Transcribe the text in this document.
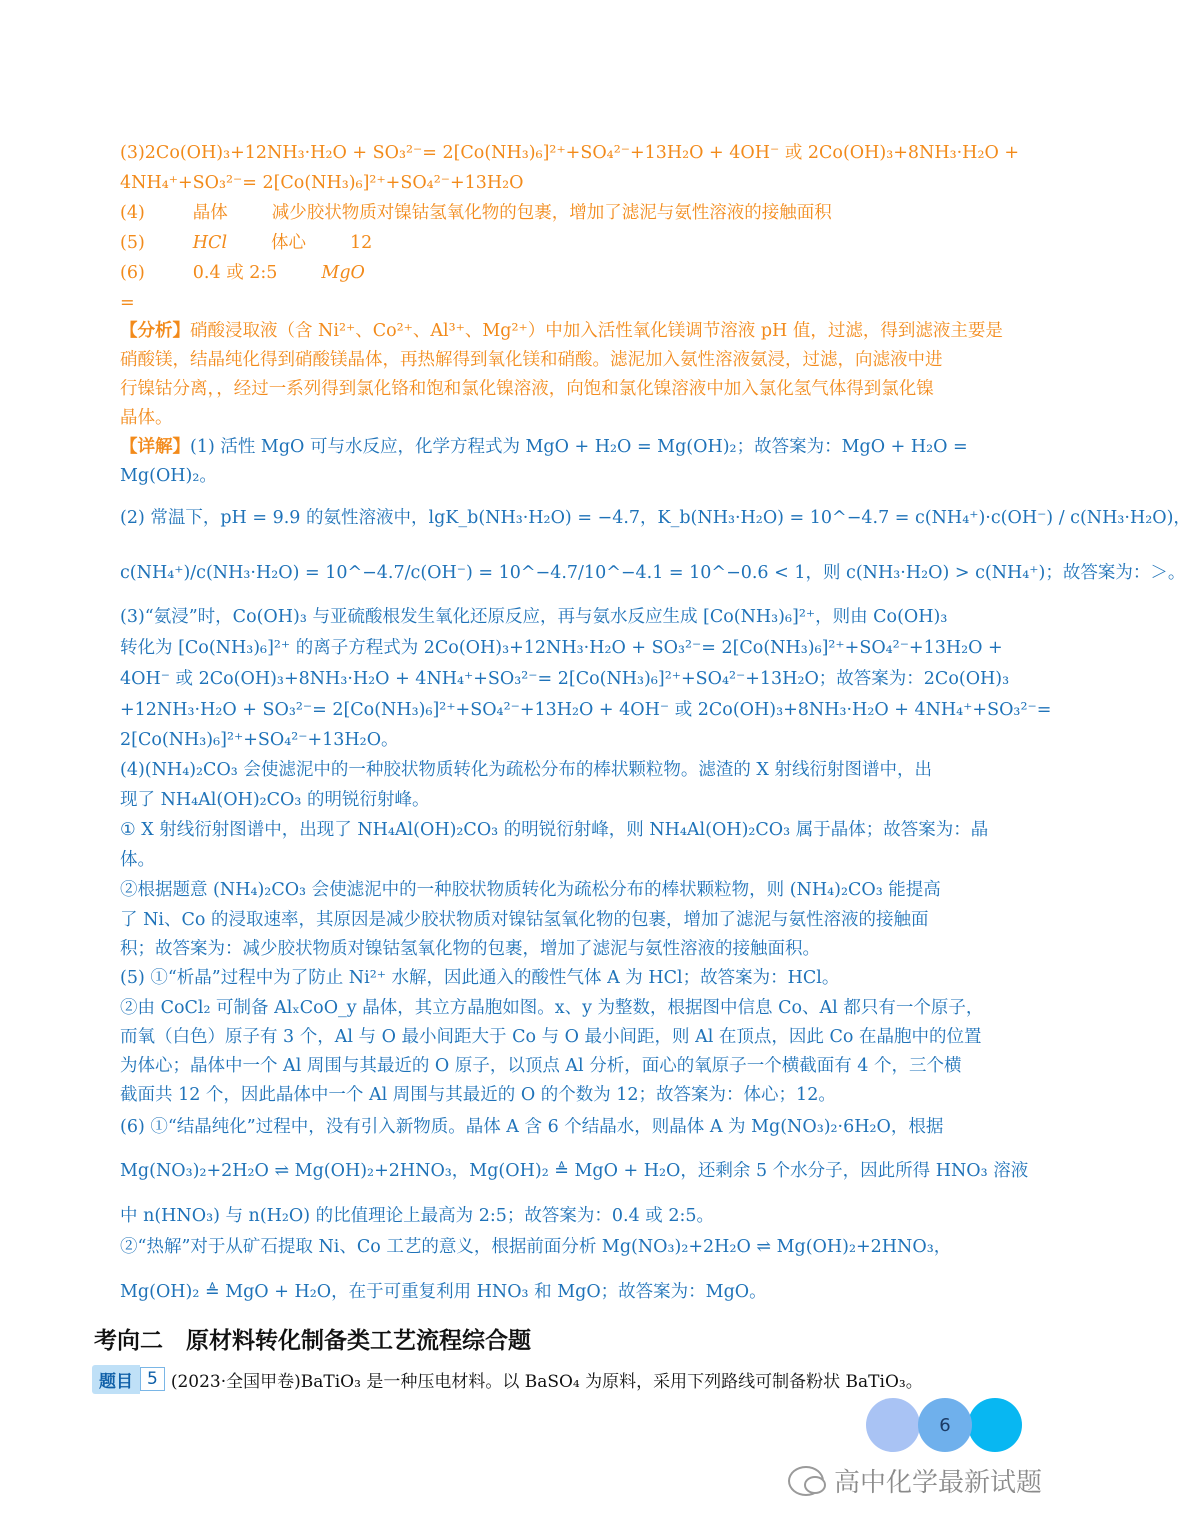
(3)2Co(OH)₃+12NH₃·H₂O + SO₃²⁻= 2[Co(NH₃)₆]²⁺+SO₄²⁻+13H₂O + 4OH⁻ 或 2Co(OH)₃+8NH₃·H₂O +
4NH₄⁺+SO₃²⁻= 2[Co(NH₃)₆]²⁺+SO₄²⁻+13H₂O
(4)	晶体	减少胶状物质对镍钴氢氧化物的包裹，增加了滤泥与氨性溶液的接触面积
(5)	HCl	体心	12
(6)	0.4 或 2:5	MgO
=
【分析】硝酸浸取液（含 Ni²⁺、Co²⁺、Al³⁺、Mg²⁺）中加入活性氧化镁调节溶液 pH 值，过滤，得到滤液主要是
硝酸镁，结晶纯化得到硝酸镁晶体，再热解得到氧化镁和硝酸。滤泥加入氨性溶液氨浸，过滤，向滤液中进
行镍钴分离，，经过一系列得到氯化铬和饱和氯化镍溶液，向饱和氯化镍溶液中加入氯化氢气体得到氯化镍
晶体。
【详解】(1) 活性 MgO 可与水反应，化学方程式为 MgO + H₂O = Mg(OH)₂；故答案为：MgO + H₂O =
Mg(OH)₂。
(2) 常温下，pH = 9.9 的氨性溶液中，lgK_b(NH₃·H₂O) = −4.7，K_b(NH₃·H₂O) = 10^−4.7 = c(NH₄⁺)·c(OH⁻) / c(NH₃·H₂O)，
c(NH₄⁺)/c(NH₃·H₂O) = 10^−4.7/c(OH⁻) = 10^−4.7/10^−4.1 = 10^−0.6 < 1，则 c(NH₃·H₂O) > c(NH₄⁺)；故答案为：＞。
(3)“氨浸”时，Co(OH)₃ 与亚硫酸根发生氧化还原反应，再与氨水反应生成 [Co(NH₃)₆]²⁺，则由 Co(OH)₃
转化为 [Co(NH₃)₆]²⁺ 的离子方程式为 2Co(OH)₃+12NH₃·H₂O + SO₃²⁻= 2[Co(NH₃)₆]²⁺+SO₄²⁻+13H₂O +
4OH⁻ 或 2Co(OH)₃+8NH₃·H₂O + 4NH₄⁺+SO₃²⁻= 2[Co(NH₃)₆]²⁺+SO₄²⁻+13H₂O；故答案为：2Co(OH)₃
+12NH₃·H₂O + SO₃²⁻= 2[Co(NH₃)₆]²⁺+SO₄²⁻+13H₂O + 4OH⁻ 或 2Co(OH)₃+8NH₃·H₂O + 4NH₄⁺+SO₃²⁻=
2[Co(NH₃)₆]²⁺+SO₄²⁻+13H₂O。
(4)(NH₄)₂CO₃ 会使滤泥中的一种胶状物质转化为疏松分布的棒状颗粒物。滤渣的 X 射线衍射图谱中，出
现了 NH₄Al(OH)₂CO₃ 的明锐衍射峰。
① X 射线衍射图谱中，出现了 NH₄Al(OH)₂CO₃ 的明锐衍射峰，则 NH₄Al(OH)₂CO₃ 属于晶体；故答案为：晶
体。
②根据题意 (NH₄)₂CO₃ 会使滤泥中的一种胶状物质转化为疏松分布的棒状颗粒物，则 (NH₄)₂CO₃ 能提高
了 Ni、Co 的浸取速率，其原因是减少胶状物质对镍钴氢氧化物的包裹，增加了滤泥与氨性溶液的接触面
积；故答案为：减少胶状物质对镍钴氢氧化物的包裹，增加了滤泥与氨性溶液的接触面积。
(5) ①“析晶”过程中为了防止 Ni²⁺ 水解，因此通入的酸性气体 A 为 HCl；故答案为：HCl。
②由 CoCl₂ 可制备 AlₓCoO_y 晶体，其立方晶胞如图。x、y 为整数，根据图中信息 Co、Al 都只有一个原子，
而氧（白色）原子有 3 个，Al 与 O 最小间距大于 Co 与 O 最小间距，则 Al 在顶点，因此 Co 在晶胞中的位置
为体心；晶体中一个 Al 周围与其最近的 O 原子，以顶点 Al 分析，面心的氧原子一个横截面有 4 个，三个横
截面共 12 个，因此晶体中一个 Al 周围与其最近的 O 的个数为 12；故答案为：体心；12。
(6) ①“结晶纯化”过程中，没有引入新物质。晶体 A 含 6 个结晶水，则晶体 A 为 Mg(NO₃)₂·6H₂O，根据
Mg(NO₃)₂+2H₂O ⇌ Mg(OH)₂+2HNO₃，Mg(OH)₂ ≜ MgO + H₂O，还剩余 5 个水分子，因此所得 HNO₃ 溶液
中 n(HNO₃) 与 n(H₂O) 的比值理论上最高为 2:5；故答案为：0.4 或 2:5。
②“热解”对于从矿石提取 Ni、Co 工艺的意义，根据前面分析 Mg(NO₃)₂+2H₂O ⇌ Mg(OH)₂+2HNO₃，
Mg(OH)₂ ≜ MgO + H₂O，在于可重复利用 HNO₃ 和 MgO；故答案为：MgO。
考向二　原材料转化制备类工艺流程综合题
题目 5 (2023·全国甲卷)BaTiO₃ 是一种压电材料。以 BaSO₄ 为原料，采用下列路线可制备粉状 BaTiO₃。
6
高中化学最新试题
